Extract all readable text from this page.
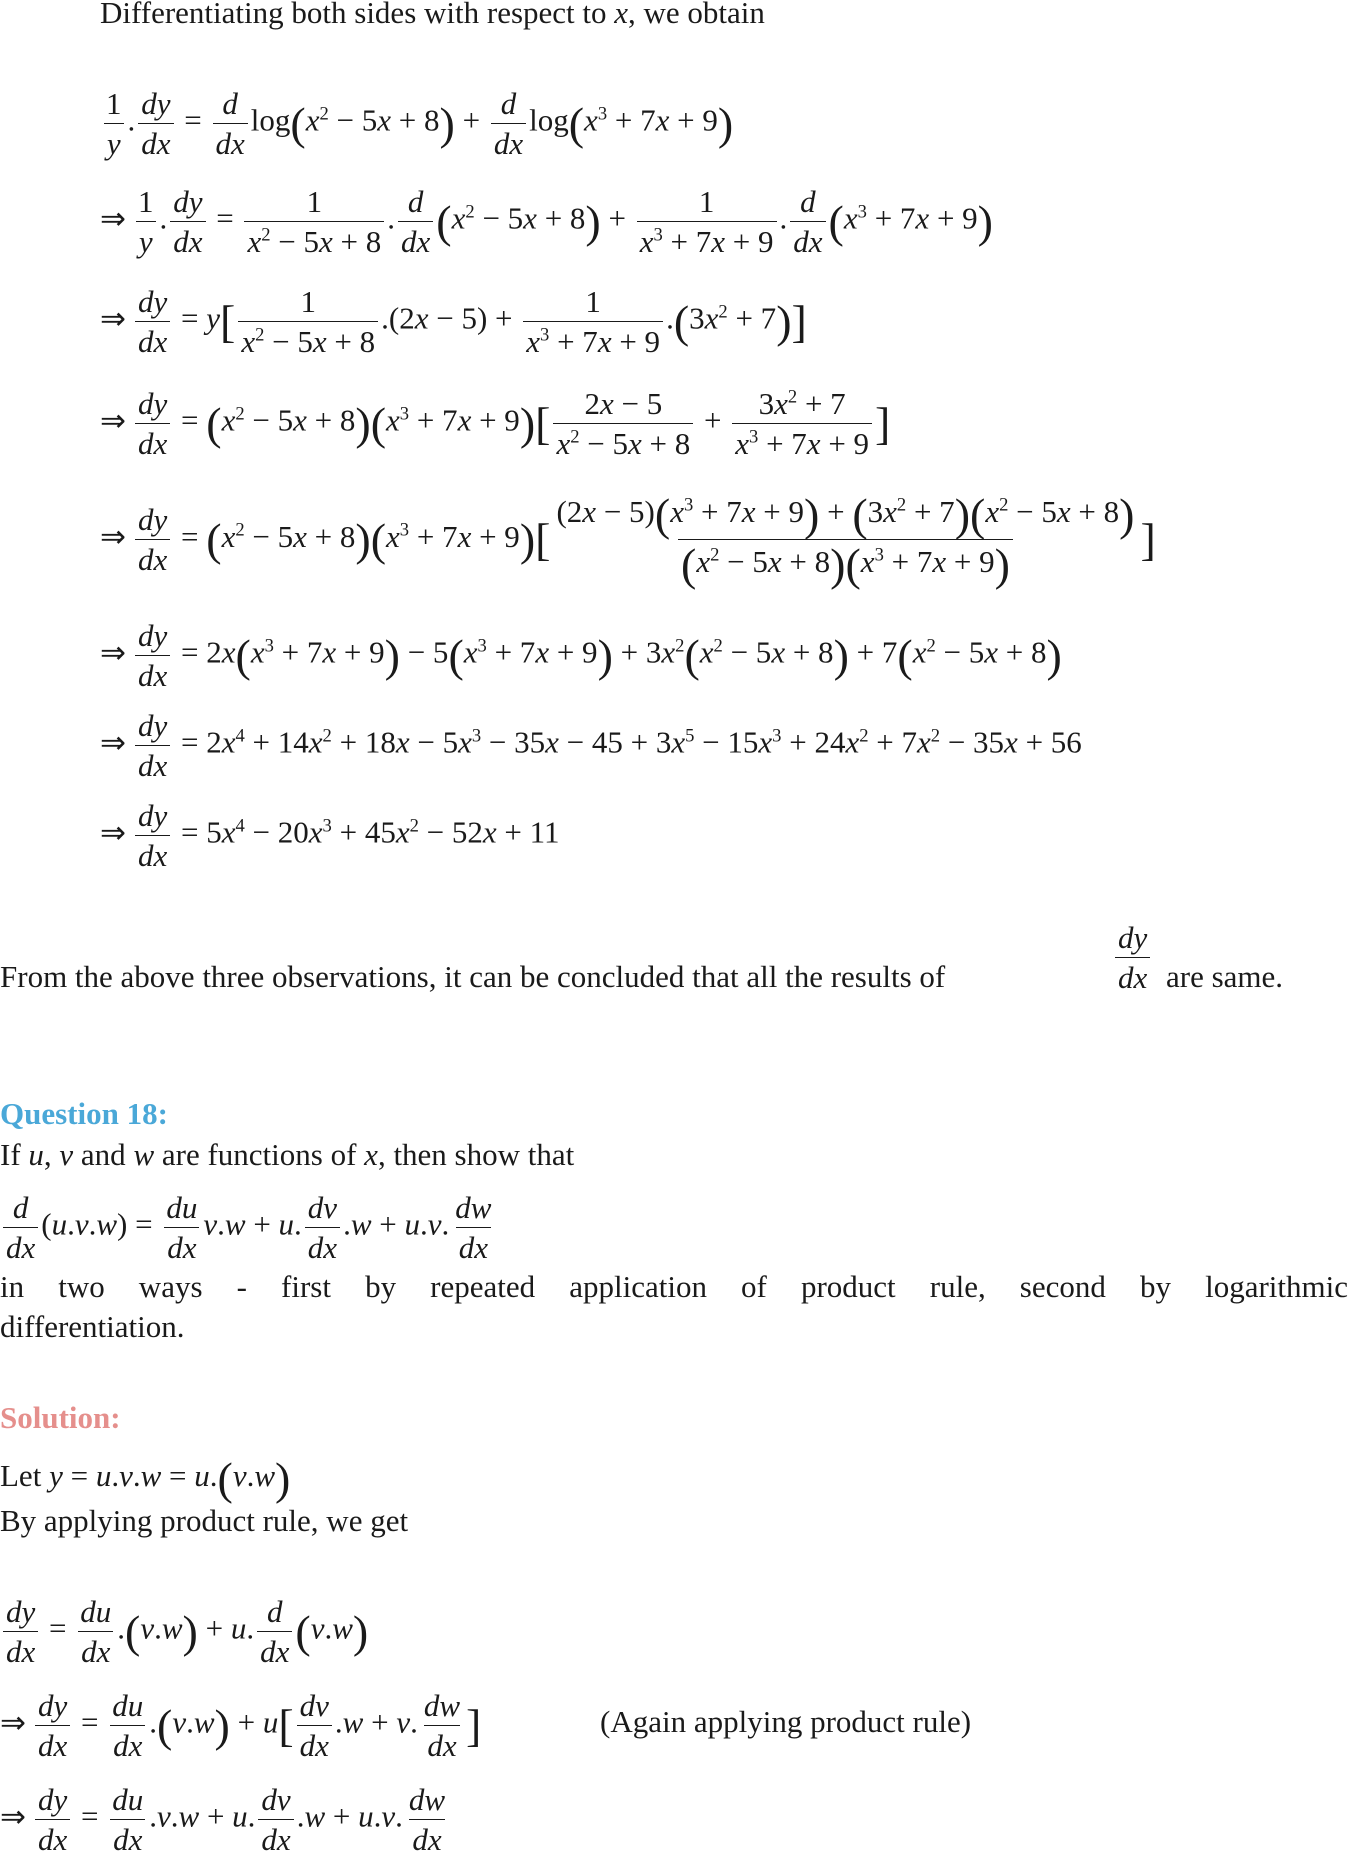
Differentiating both sides with respect to x, we obtain
$\frac{1}{y}$ . $\frac{dy}{dx} = \frac{d}{dx} \log(x^2 - 5x + 8) + \frac{d}{dx} \log(x^3 + 7x + 9)$
⇒ $\frac{1}{y}$ . $\frac{dy}{dx} = \frac{1}{x^2 - 5x + 8}$ . $\frac{d}{dx} (x^2 - 5x + 8) + \frac{1}{x^3 + 7x + 9}$ . $\frac{d}{dx} (x^3 + 7x + 9)$
⇒ $\frac{dy}{dx} = y[ \frac{1}{x^2 - 5x + 8} .(2x - 5) + \frac{1}{x^3 + 7x + 9} .(3x^2 + 7)]$
⇒ $\frac{dy}{dx} = (x^2 - 5x + 8)(x^3 + 7x + 9)[ \frac{2x - 5}{x^2 - 5x + 8} + \frac{3x^2 + 7}{x^3 + 7x + 9}$ ]
⇒ $\frac{dy}{dx} = (x^2 - 5x + 8)(x^3 + 7x + 9)[ \frac{(2x - 5)(x^3 + 7x + 9) + (3x^2 + 7)(x^2 - 5x + 8)}{(x^2 - 5x + 8)(x^3 + 7x + 9)}$ ]
⇒ $\frac{dy}{dx} = 2x(x^3 + 7x + 9) - 5(x^3 + 7x + 9) + 3x^2(x^2 - 5x + 8) + 7(x^2 - 5x + 8)$
⇒ $\frac{dy}{dx} = 2x^4 + 14x^2 + 18x - 5x^3 - 35x - 45 + 3x^5 - 15x^3 + 24x^2 + 7x^2 - 35x + 56$
⇒ $\frac{dy}{dx} = 5x^4 - 20x^3 + 45x^2 - 52x + 11$
From the above three observations, it can be concluded that all the results of	$\frac{dy}{dx}$ are same.
Question 18:
If u, v and w are functions of x, then show that
$\frac{d}{dx} (u.v.w) = \frac{du}{dx} v.w + u$. $\frac{dv}{dx} .w + u.v$. $\frac{dw}{dx}$
in two ways - first by repeated application of product rule, second by logarithmic
differentiation.
Solution:
Let y = u.v.w = u.(v.w)
By applying product rule, we get
$\frac{dy}{dx} = \frac{du}{dx} .(v.w) + u$. $\frac{d}{dx} (v.w)$
⇒ $\frac{dy}{dx} = \frac{du}{dx} .(v.w) + u[ \frac{dv}{dx} .w + v$. $\frac{dw}{dx}$ ]	(Again applying product rule)
⇒ $\frac{dy}{dx} = \frac{du}{dx} .v.w + u$. $\frac{dv}{dx} .w + u.v$. $\frac{dw}{dx}$
